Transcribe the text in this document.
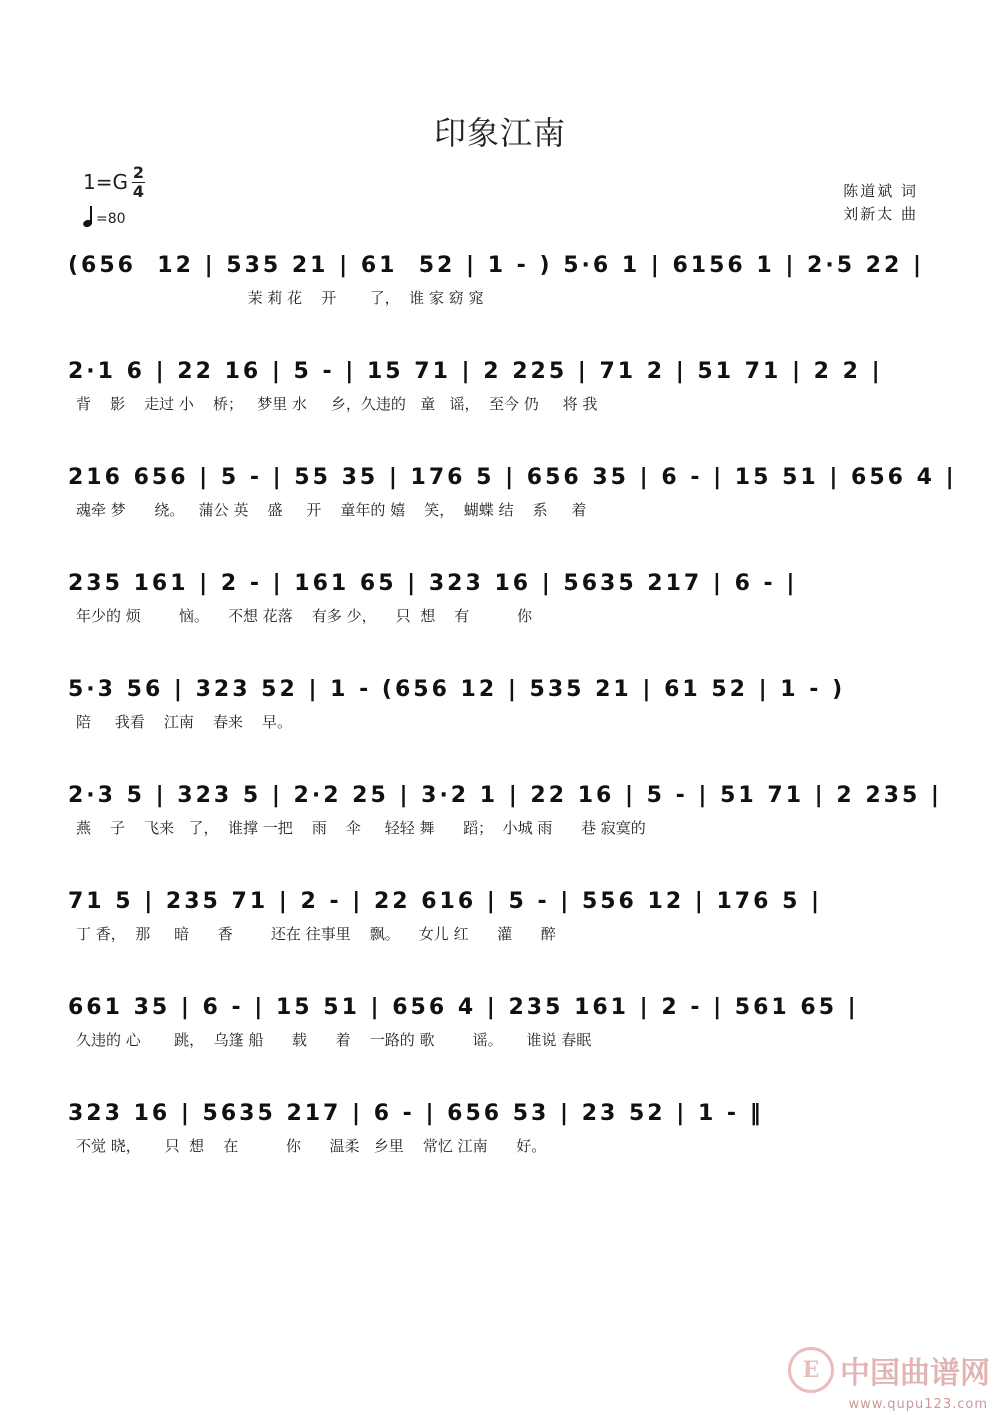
印象江南
1=G 2
4
=80
陈道斌 词
刘新太 曲
(656  12 | 535 21 | 61  52 | 1 - ) 5·6 1 | 6156 1 | 2·5 22 |
茉 莉 花    开       了，  谁 家 窈 窕
2·1 6 | 22 16 | 5 - | 15 71 | 2 225 | 71 2 | 51 71 | 2 2 |
背    影    走过 小    桥；   梦里 水     乡，久违的   童   谣，  至今 仍     将 我
216 656 | 5 - | 55 35 | 176 5 | 656 35 | 6 - | 15 51 | 656 4 |
魂牵 梦      绕。   蒲公 英    盛     开    童年的 嬉    笑，  蝴蝶 结    系     着
235 161 | 2 - | 161 65 | 323 16 | 5635 217 | 6 - |
年少的 烦        恼。    不想 花落    有多 少，    只  想    有          你
5·3 56 | 323 52 | 1 - (656 12 | 535 21 | 61 52 | 1 - )
陪     我看    江南    春来    早。
2·3 5 | 323 5 | 2·2 25 | 3·2 1 | 22 16 | 5 - | 51 71 | 2 235 |
燕    子    飞来   了，  谁撑 一把    雨    伞     轻轻 舞      蹈；  小城 雨      巷 寂寞的
71 5 | 235 71 | 2 - | 22 616 | 5 - | 556 12 | 176 5 |
丁 香，  那     暗      香        还在 往事里    飘。    女儿 红      灌      醉
661 35 | 6 - | 15 51 | 656 4 | 235 161 | 2 - | 561 65 |
久违的 心       跳，  乌篷 船      载      着    一路的 歌        谣。     谁说 春眠
323 16 | 5635 217 | 6 - | 656 53 | 23 52 | 1 - ‖
不觉 晓，     只  想    在          你      温柔   乡里    常忆 江南      好。
E 中国曲谱网
www.qupu123.com
